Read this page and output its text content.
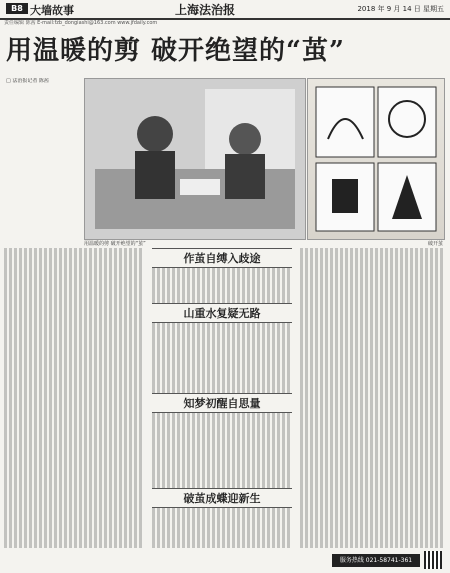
B8 大墙故事	上海法治报	2018 年 9 月 14 日 星期五
责任编辑 陈茜 E-mail:fzb_dongiashi@163.com www.jfdaily.com
用温暖的剪 破开绝望的“茧”
□ 法治报记者 陈茜
用温暖的剪 破开绝望的“茧”	破开茧
作茧自缚入歧途
山重水复疑无路
知梦初醒自思量
破茧成蝶迎新生
服务热线 021-58741-361
